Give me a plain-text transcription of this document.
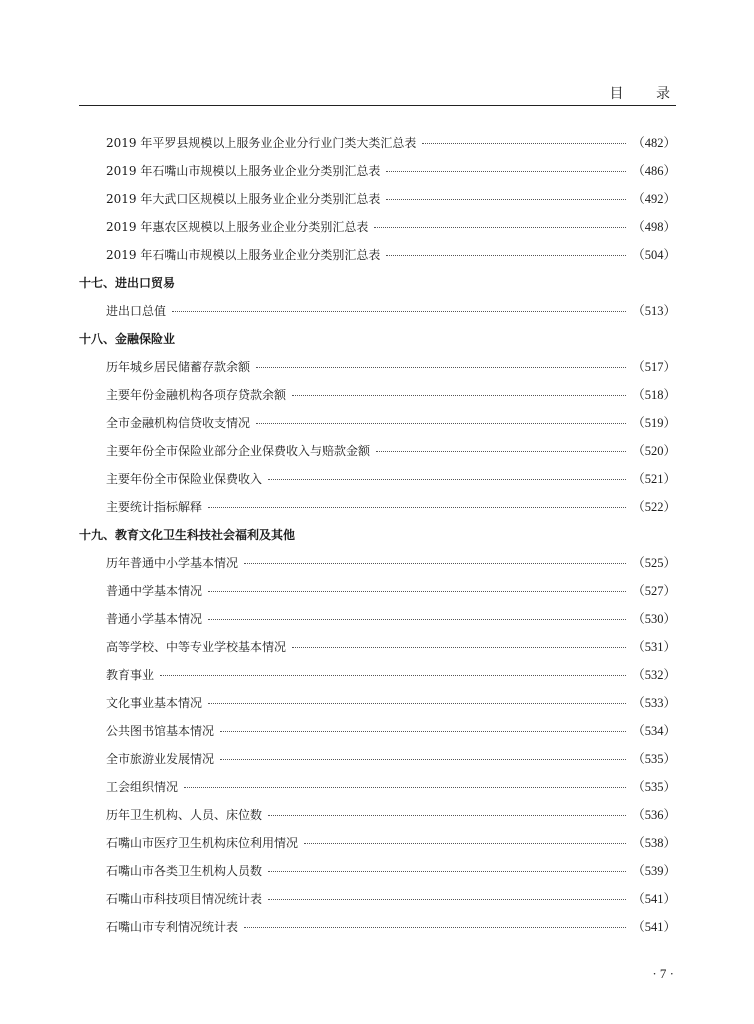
目 录
2019 年平罗县规模以上服务业企业分行业门类大类汇总表	（482）
2019 年石嘴山市规模以上服务业企业分类别汇总表	（486）
2019 年大武口区规模以上服务业企业分类别汇总表	（492）
2019 年惠农区规模以上服务业企业分类别汇总表	（498）
2019 年石嘴山市规模以上服务业企业分类别汇总表	（504）
十七、进出口贸易
进出口总值	（513）
十八、金融保险业
历年城乡居民储蓄存款余额	（517）
主要年份金融机构各项存贷款余额	（518）
全市金融机构信贷收支情况	（519）
主要年份全市保险业部分企业保费收入与赔款金额	（520）
主要年份全市保险业保费收入	（521）
主要统计指标解释	（522）
十九、教育文化卫生科技社会福利及其他
历年普通中小学基本情况	（525）
普通中学基本情况	（527）
普通小学基本情况	（530）
高等学校、中等专业学校基本情况	（531）
教育事业	（532）
文化事业基本情况	（533）
公共图书馆基本情况	（534）
全市旅游业发展情况	（535）
工会组织情况	（535）
历年卫生机构、人员、床位数	（536）
石嘴山市医疗卫生机构床位利用情况	（538）
石嘴山市各类卫生机构人员数	（539）
石嘴山市科技项目情况统计表	（541）
石嘴山市专利情况统计表	（541）
· 7 ·
